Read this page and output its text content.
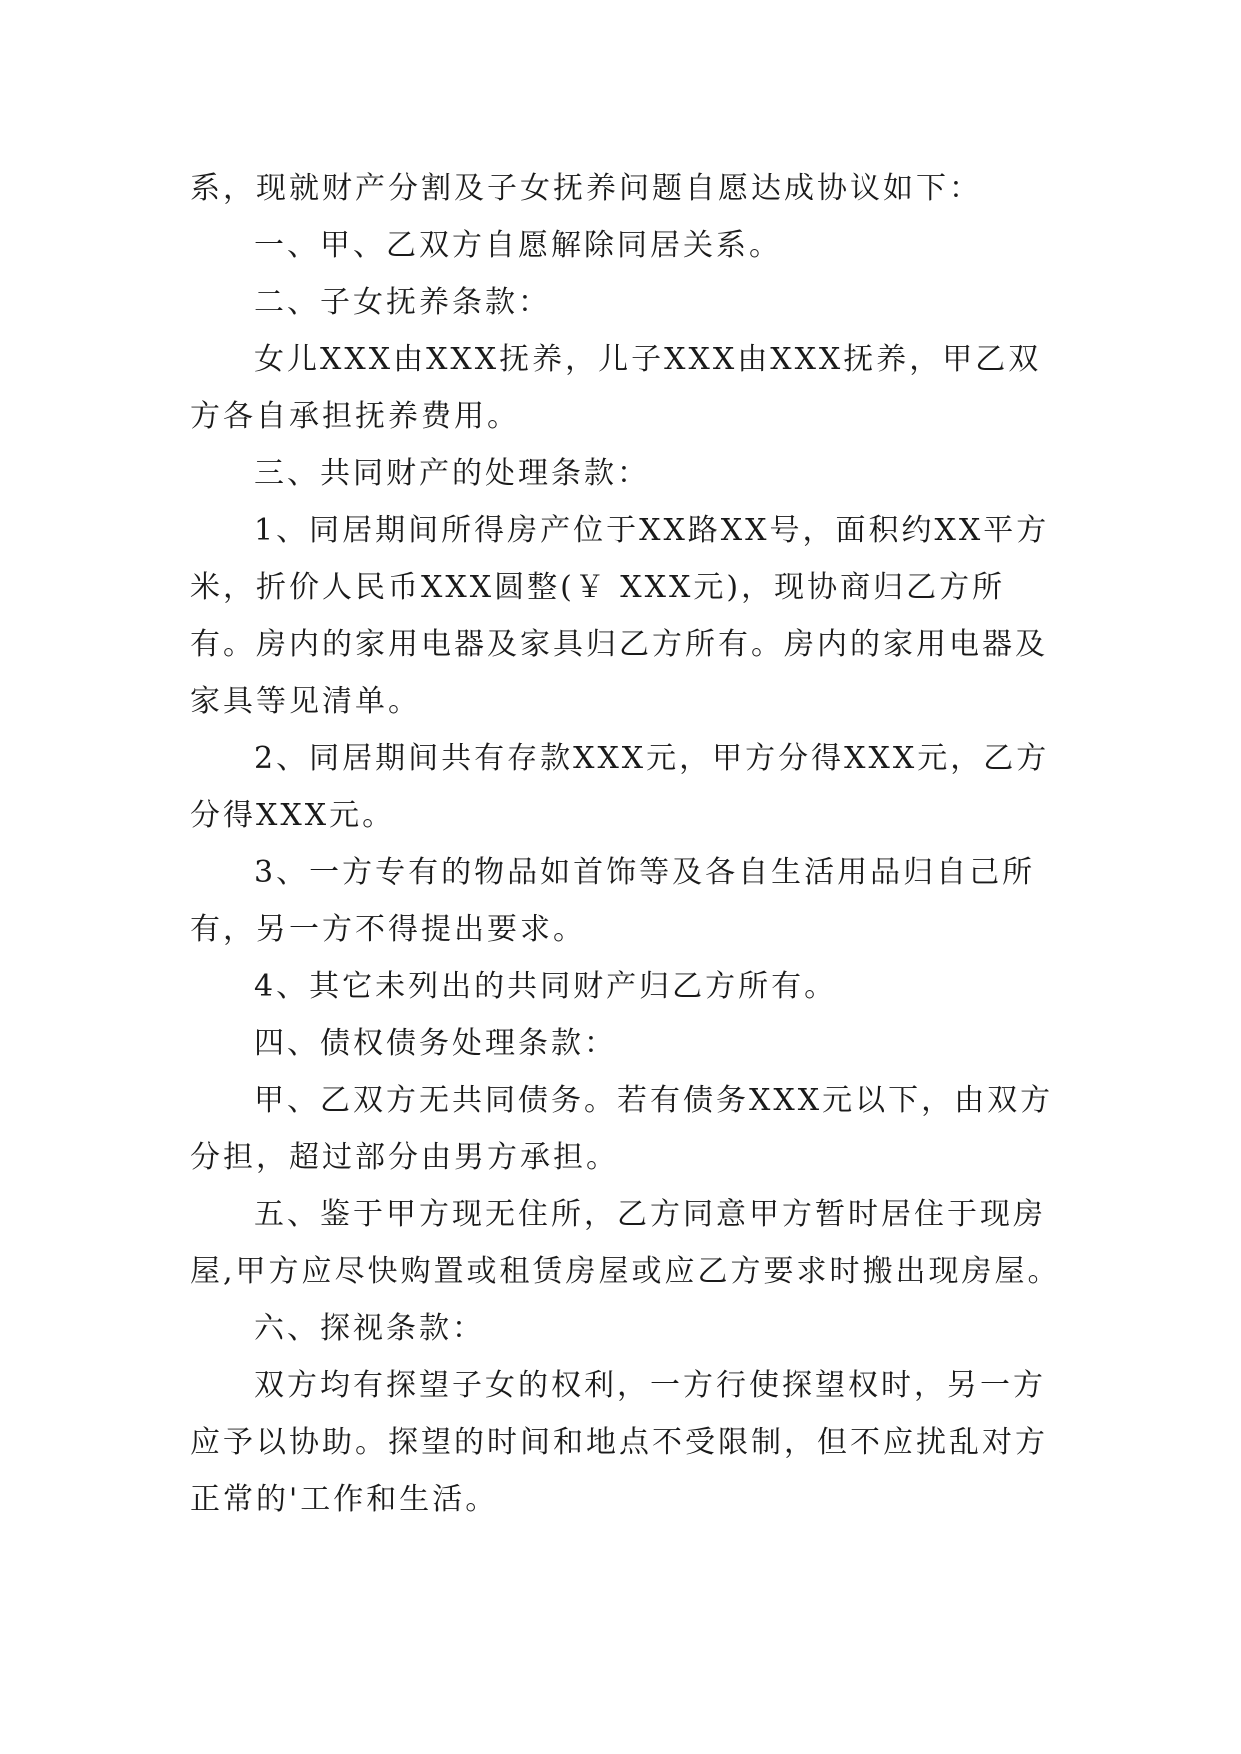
系，现就财产分割及子女抚养问题自愿达成协议如下：

一、甲、乙双方自愿解除同居关系。

二、子女抚养条款：

女儿XXX由XXX抚养，儿子XXX由XXX抚养，甲乙双方各自承担抚养费用。

三、共同财产的处理条款：

1、同居期间所得房产位于XX路XX号，面积约XX平方米，折价人民币XXX圆整(￥ XXX元)，现协商归乙方所有。房内的家用电器及家具归乙方所有。房内的家用电器及家具等见清单。

2、同居期间共有存款XXX元，甲方分得XXX元，乙方分得XXX元。

3、一方专有的物品如首饰等及各自生活用品归自己所有，另一方不得提出要求。

4、其它未列出的共同财产归乙方所有。

四、债权债务处理条款：

甲、乙双方无共同债务。若有债务XXX元以下，由双方分担，超过部分由男方承担。

五、鉴于甲方现无住所，乙方同意甲方暂时居住于现房屋,甲方应尽快购置或租赁房屋或应乙方要求时搬出现房屋。

六、探视条款：

双方均有探望子女的权利，一方行使探望权时，另一方应予以协助。探望的时间和地点不受限制，但不应扰乱对方正常的'工作和生活。
